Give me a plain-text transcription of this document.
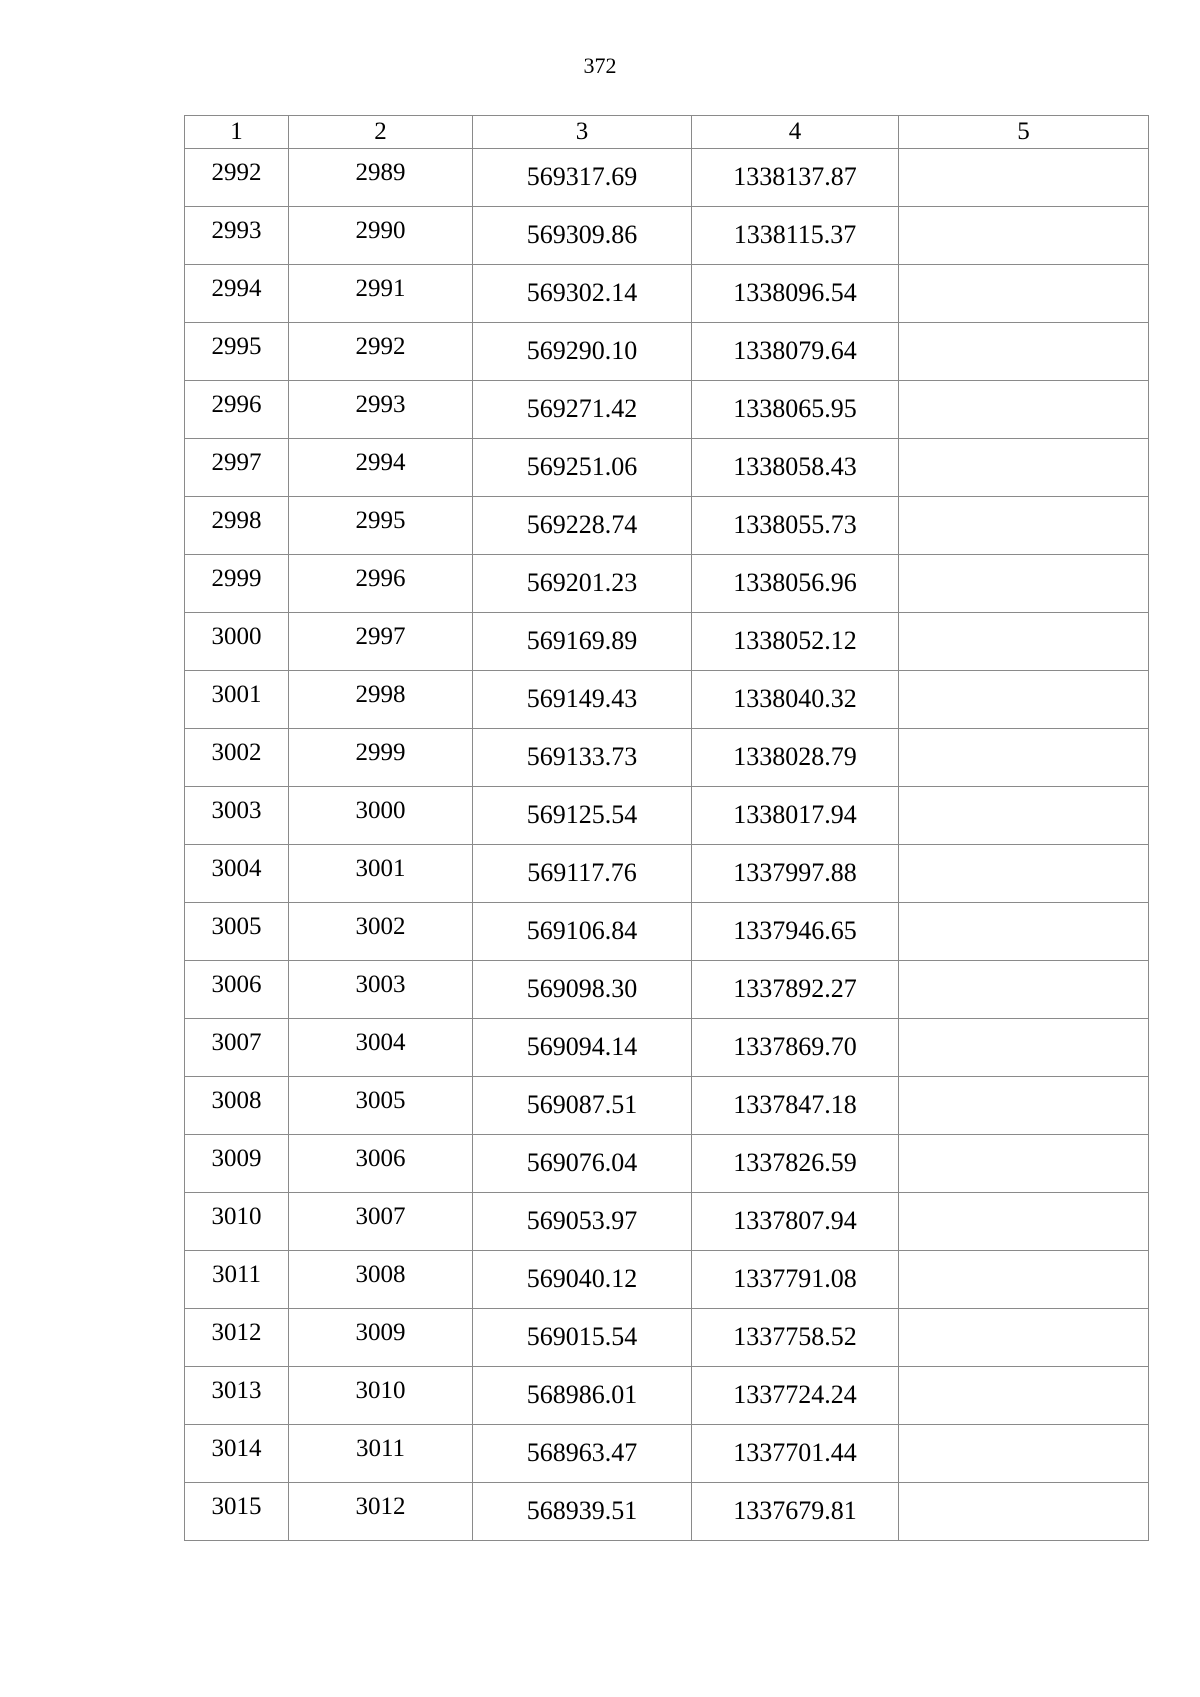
372
1	2	3	4	5
2992	2989	569317.69	1338137.87	
2993	2990	569309.86	1338115.37	
2994	2991	569302.14	1338096.54	
2995	2992	569290.10	1338079.64	
2996	2993	569271.42	1338065.95	
2997	2994	569251.06	1338058.43	
2998	2995	569228.74	1338055.73	
2999	2996	569201.23	1338056.96	
3000	2997	569169.89	1338052.12	
3001	2998	569149.43	1338040.32	
3002	2999	569133.73	1338028.79	
3003	3000	569125.54	1338017.94	
3004	3001	569117.76	1337997.88	
3005	3002	569106.84	1337946.65	
3006	3003	569098.30	1337892.27	
3007	3004	569094.14	1337869.70	
3008	3005	569087.51	1337847.18	
3009	3006	569076.04	1337826.59	
3010	3007	569053.97	1337807.94	
3011	3008	569040.12	1337791.08	
3012	3009	569015.54	1337758.52	
3013	3010	568986.01	1337724.24	
3014	3011	568963.47	1337701.44	
3015	3012	568939.51	1337679.81	
